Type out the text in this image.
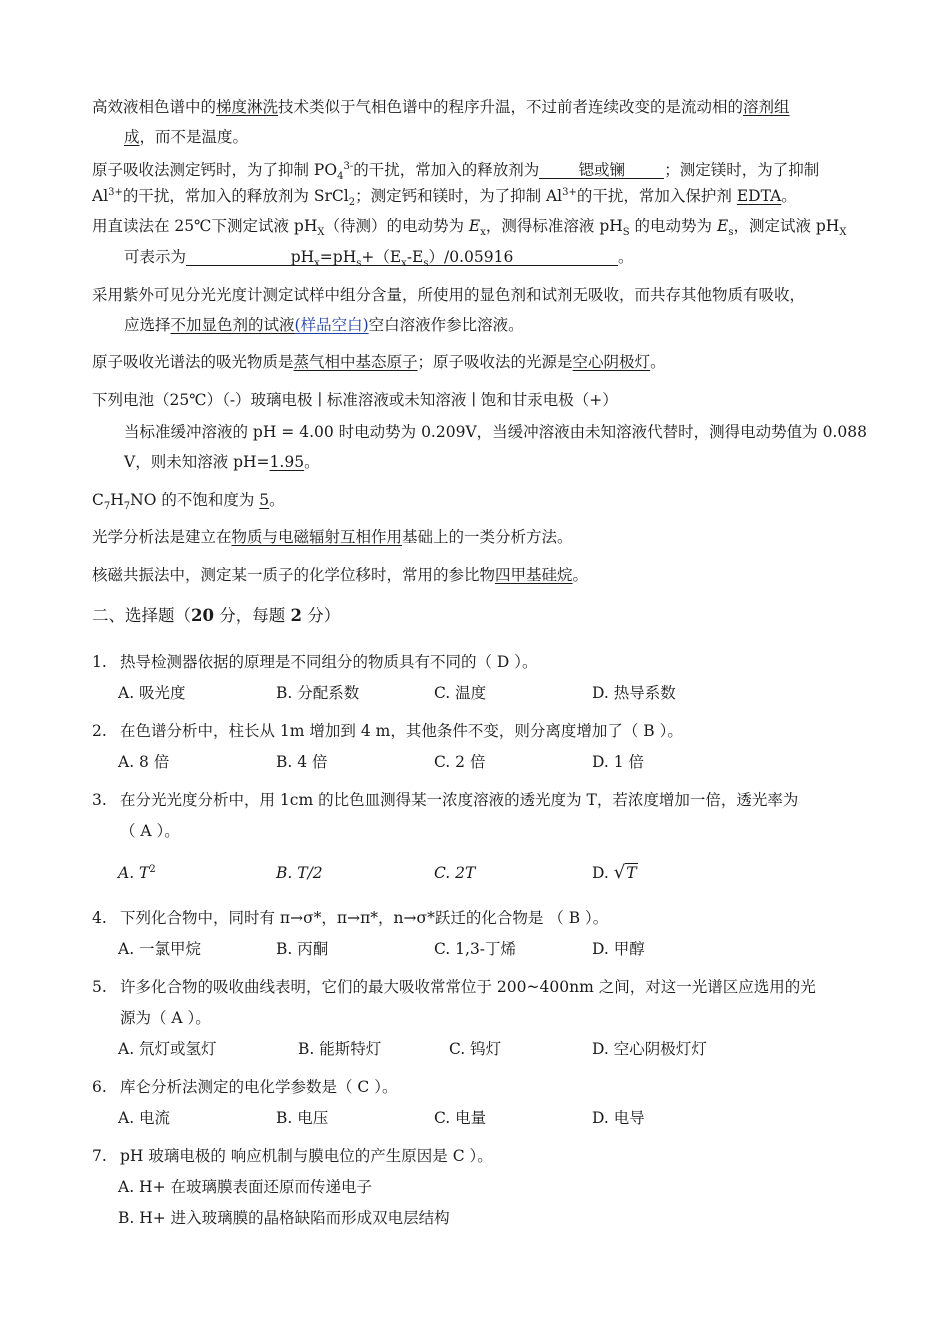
高效液相色谱中的梯度淋洗技术类似于气相色谱中的程序升温，不过前者连续改变的是流动相的溶剂组
成，而不是温度。
原子吸收法测定钙时，为了抑制 $PO_4^{3-}$的干扰，常加入的释放剂为	锶或镧	；测定镁时，为了抑制
$Al^{3+}$的干扰，常加入的释放剂为 SrCl$_2$；测定钙和镁时，为了抑制 $Al^{3+}$的干扰，常加入保护剂 EDTA。
用直读法在 25℃下测定试液 $pH_X$（待测）的电动势为 $E_x$，测得标准溶液 $pH_S$ 的电动势为 $E_s$，测定试液 $pH_X$
可表示为	$pH_x=pH_s+(E_x-E_s)/0.05916$	。
采用紫外可见分光光度计测定试样中组分含量，所使用的显色剂和试剂无吸收，而共存其他物质有吸收，
应选择不加显色剂的试液(样品空白)空白溶液作参比溶液。
原子吸收光谱法的吸光物质是蒸气相中基态原子；原子吸收法的光源是空心阴极灯。
下列电池（25℃）（-）玻璃电极 ∣ 标准溶液或未知溶液 ∣ 饱和甘汞电极（+）
当标准缓冲溶液的 pH = 4.00 时电动势为 0.209V，当缓冲溶液由未知溶液代替时，测得电动势值为 0.088
V，则未知溶液 pH=1.95。
$C_7H_7NO$ 的不饱和度为 5。
光学分析法是建立在物质与电磁辐射互相作用基础上的一类分析方法。
核磁共振法中，测定某一质子的化学位移时，常用的参比物四甲基硅烷。
二、选择题（20 分，每题 2 分）
1. 热导检测器依据的原理是不同组分的物质具有不同的（ D ）。
A. 吸光度	B. 分配系数	C. 温度	D. 热导系数
2. 在色谱分析中，柱长从 1m 增加到 4 m，其他条件不变，则分离度增加了（ B ）。
A. 8 倍	B. 4 倍	C. 2 倍	D. 1 倍
3. 在分光光度分析中，用 1cm 的比色皿测得某一浓度溶液的透光度为 T，若浓度增加一倍，透光率为
（ A ）。
A. $T^2$	B. T/2	C. 2T	D. √T
4. 下列化合物中，同时有 π→σ*，π→π*，n→σ*跃迁的化合物是 （ B ）。
A. 一氯甲烷	B. 丙酮	C. 1,3-丁烯	D. 甲醇
5. 许多化合物的吸收曲线表明，它们的最大吸收常常位于 200~400nm 之间，对这一光谱区应选用的光
源为（ A ）。
A. 氘灯或氢灯	B. 能斯特灯	C. 钨灯	D. 空心阴极灯灯
6. 库仑分析法测定的电化学参数是（ C ）。
A. 电流	B. 电压	C. 电量	D. 电导
7. pH 玻璃电极的 响应机制与膜电位的产生原因是 C ）。
A. H+ 在玻璃膜表面还原而传递电子
B. H+ 进入玻璃膜的晶格缺陷而形成双电层结构
